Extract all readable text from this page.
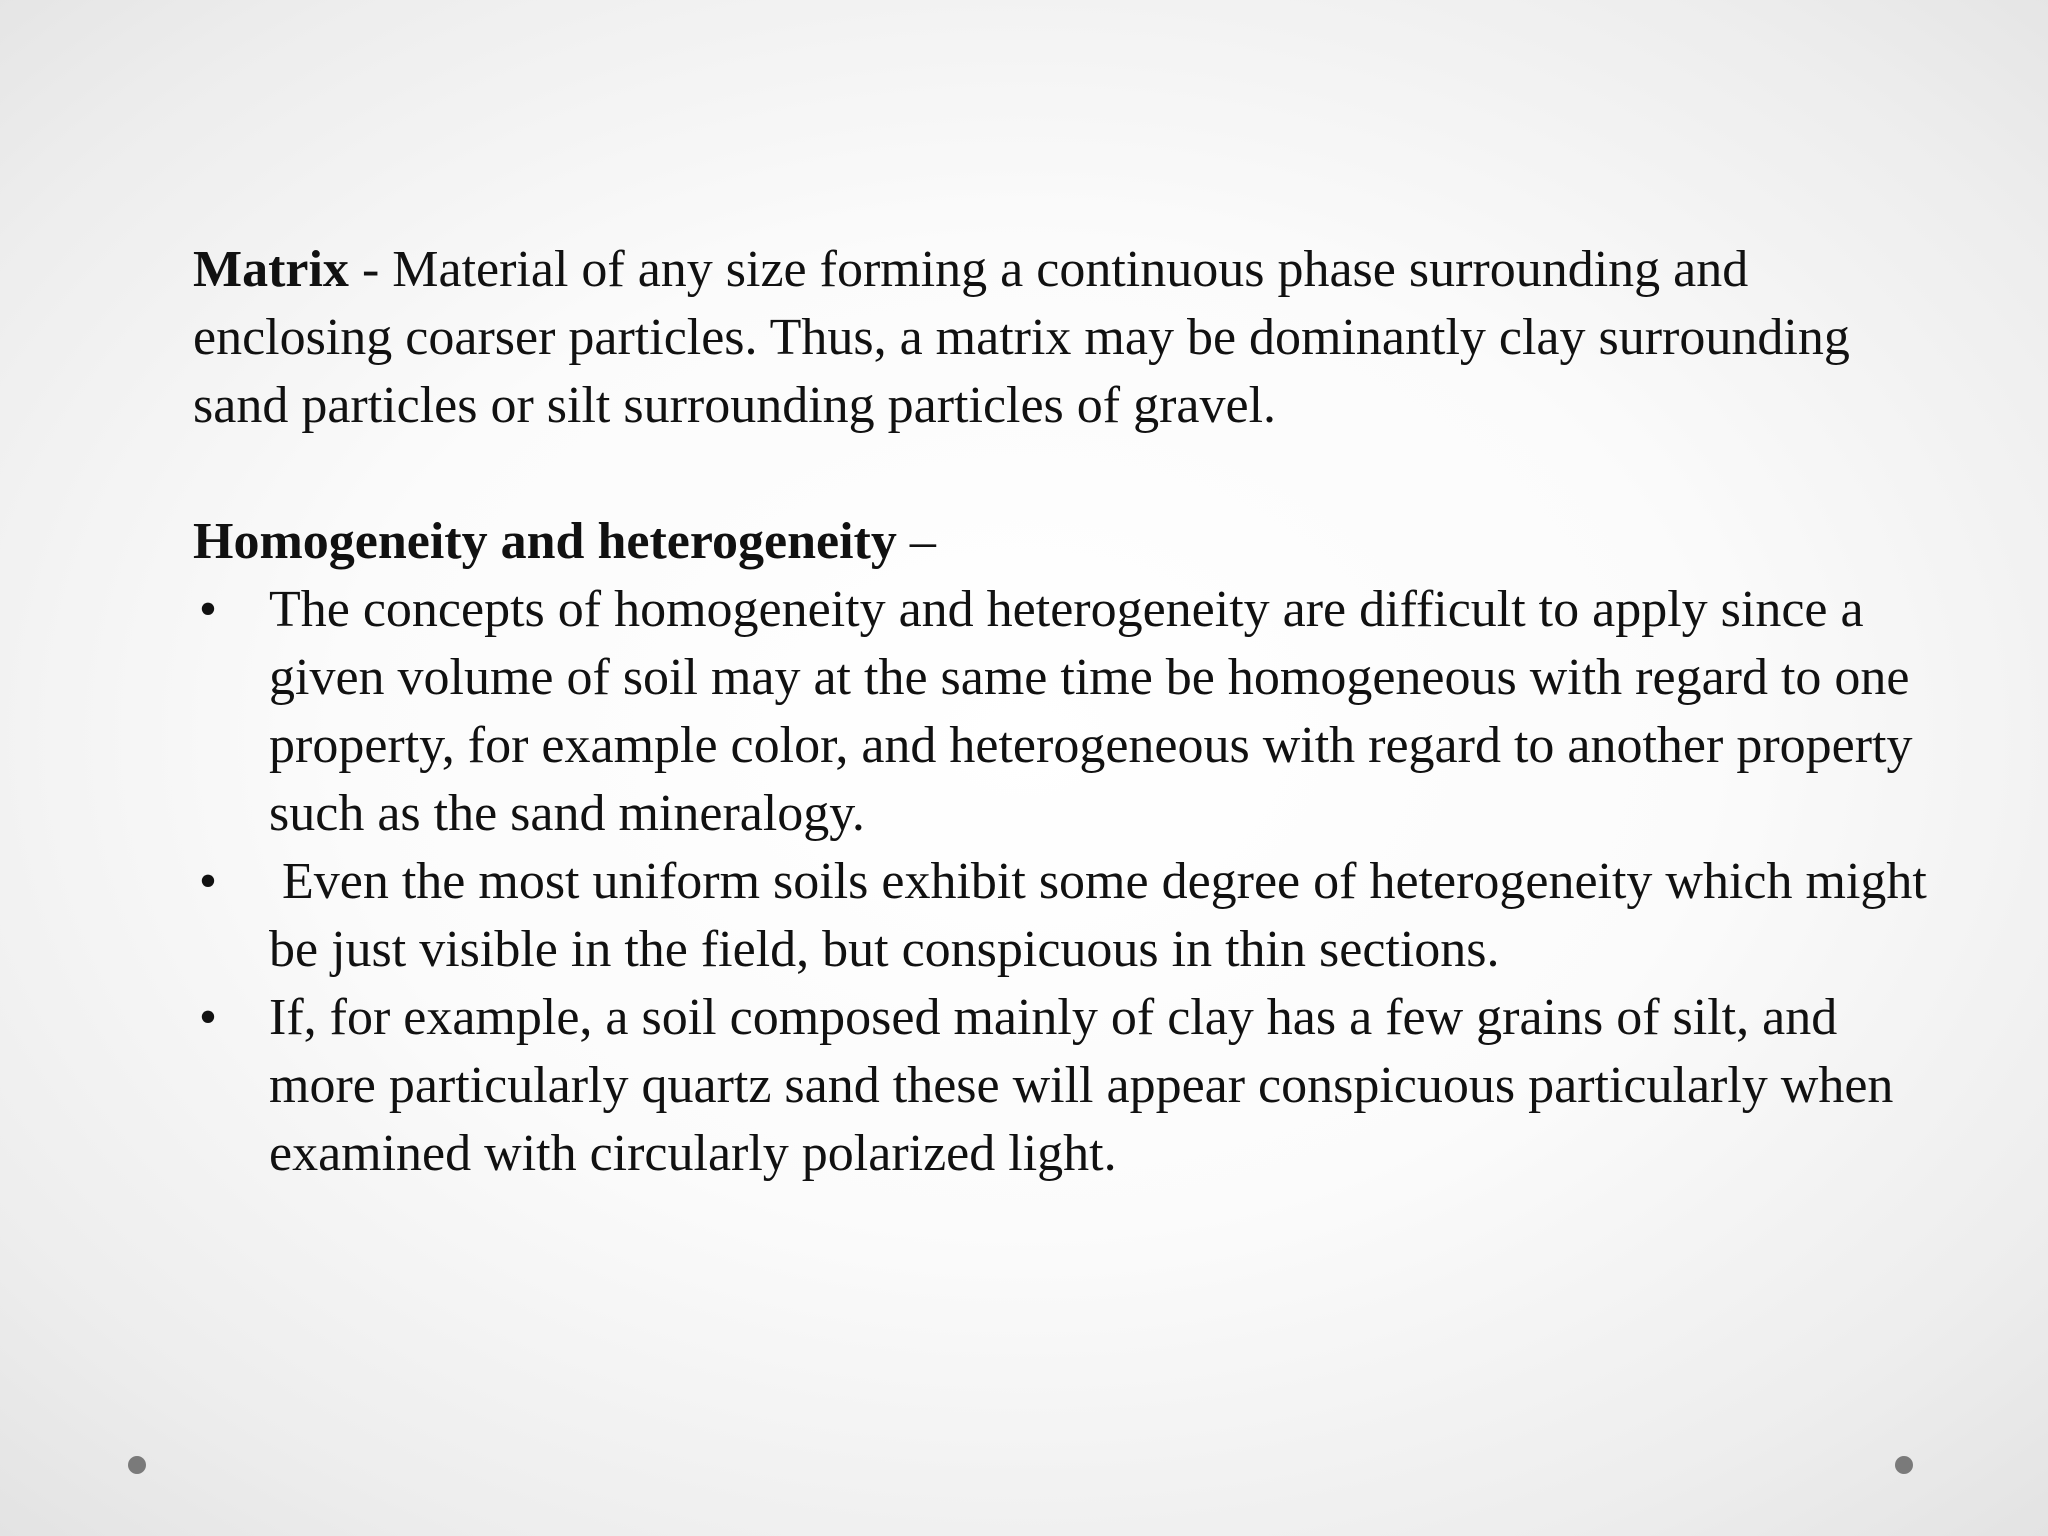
Matrix - Material of any size forming a continuous phase surrounding and enclosing coarser particles. Thus, a matrix may be dominantly clay surrounding sand particles or silt surrounding particles of gravel.

Homogeneity and heterogeneity –

• The concepts of homogeneity and heterogeneity are difficult to apply since a given volume of soil may at the same time be homogeneous with regard to one property, for example color, and heterogeneous with regard to another property such as the sand mineralogy.
• Even the most uniform soils exhibit some degree of heterogeneity which might be just visible in the field, but conspicuous in thin sections.
• If, for example, a soil composed mainly of clay has a few grains of silt, and more particularly quartz sand these will appear conspicuous particularly when examined with circularly polarized light.
